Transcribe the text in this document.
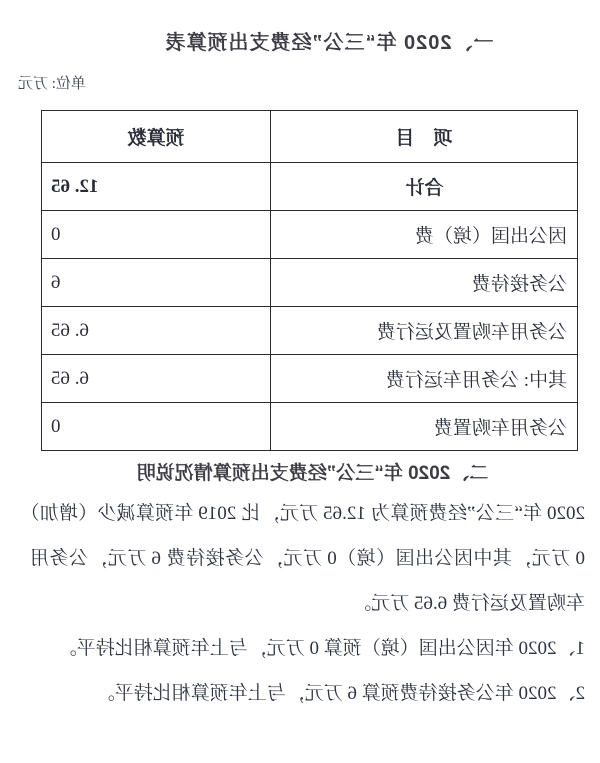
一、2020 年“三公”经费支出预算表
单位: 万元
项　目	预算数
合计	12. 65
因公出国（境）费	0
公务接待费	6
公务用车购置及运行费	6. 65
其中: 公务用车运行费	6. 65
公务用车购置费	0
二、2020 年“三公”经费支出预算情况说明

2020 年“三公”经费预算为 12.65 万元，比 2019 年预算减少（增加）0 万元，其中因公出国（境）0 万元，公务接待费 6 万元，公务用车购置及运行费 6.65 万元。

1、2020 年因公出国（境）预算 0 万元，与上年预算相比持平。

2、2020 年公务接待费预算 6 万元，与上年预算相比持平。
